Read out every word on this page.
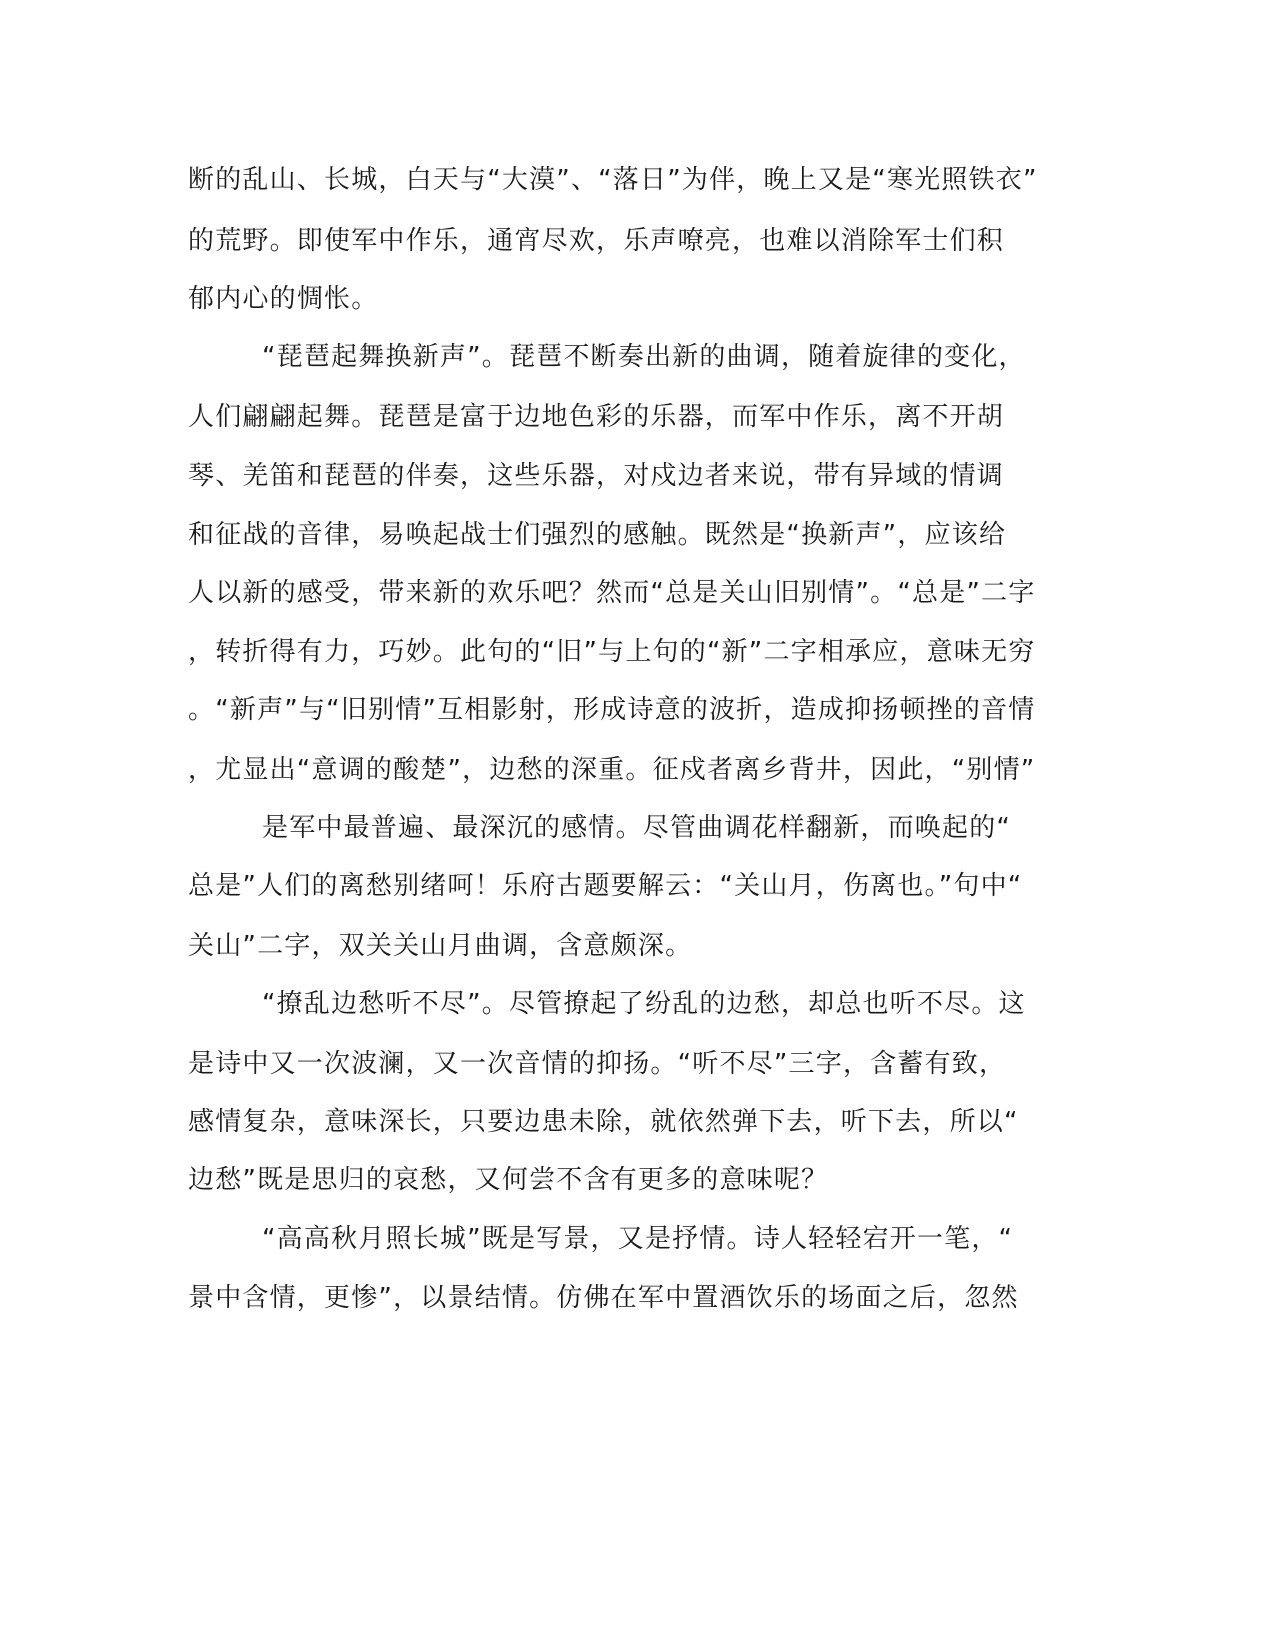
断的乱山、长城，白天与“大漠”、“落日”为伴，晚上又是“寒光照铁衣”
的荒野。即使军中作乐，通宵尽欢，乐声嘹亮，也难以消除军士们积
郁内心的惆怅。
“琵琶起舞换新声”。琵琶不断奏出新的曲调，随着旋律的变化，
人们翩翩起舞。琵琶是富于边地色彩的乐器，而军中作乐，离不开胡
琴、羌笛和琵琶的伴奏，这些乐器，对戍边者来说，带有异域的情调
和征战的音律，易唤起战士们强烈的感触。既然是“换新声”，应该给
人以新的感受，带来新的欢乐吧？然而“总是关山旧别情”。“总是”二字
，转折得有力，巧妙。此句的“旧”与上句的“新”二字相承应，意味无穷
。“新声”与“旧别情”互相影射，形成诗意的波折，造成抑扬顿挫的音情
，尤显出“意调的酸楚”，边愁的深重。征戍者离乡背井，因此，“别情”
是军中最普遍、最深沉的感情。尽管曲调花样翻新，而唤起的“
总是”人们的离愁别绪呵！乐府古题要解云：“关山月，伤离也。”句中“
关山”二字，双关关山月曲调，含意颇深。
“撩乱边愁听不尽”。尽管撩起了纷乱的边愁，却总也听不尽。这
是诗中又一次波澜，又一次音情的抑扬。“听不尽”三字，含蓄有致，
感情复杂，意味深长，只要边患未除，就依然弹下去，听下去，所以“
边愁”既是思归的哀愁，又何尝不含有更多的意味呢？
“高高秋月照长城”既是写景，又是抒情。诗人轻轻宕开一笔，“
景中含情，更惨”，以景结情。仿佛在军中置酒饮乐的场面之后，忽然
